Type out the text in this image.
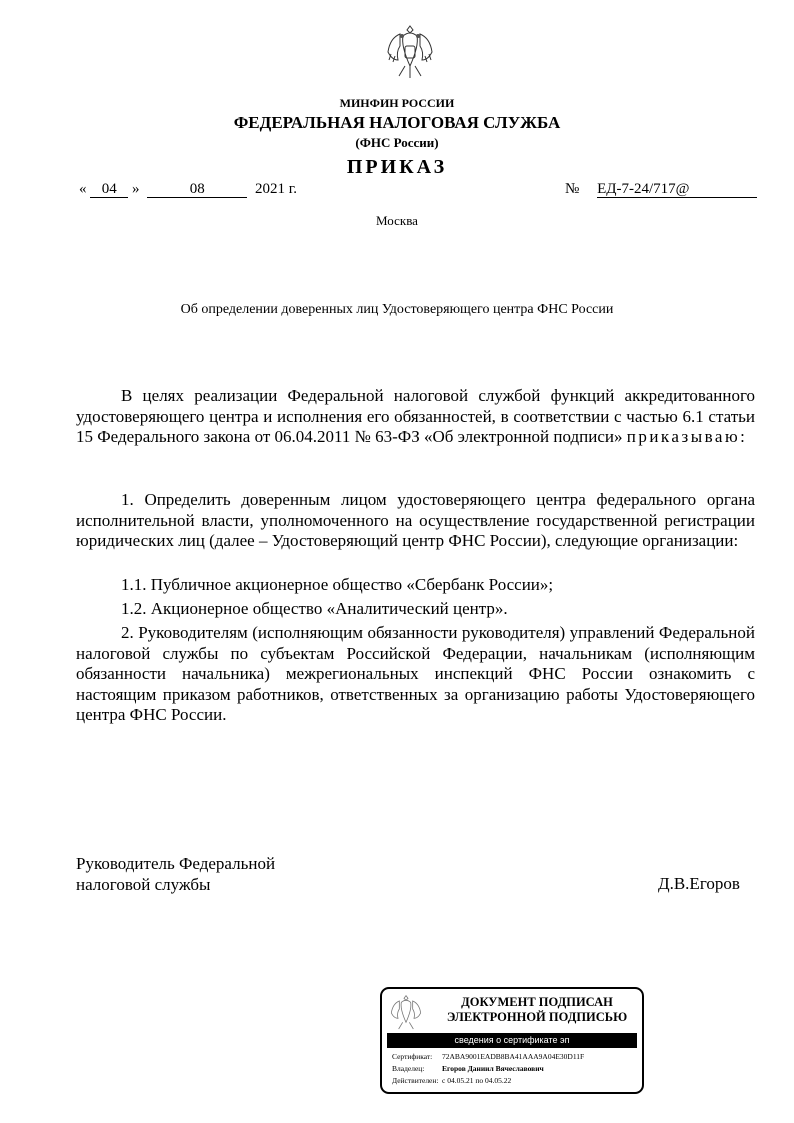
МИНФИН РОССИИ
ФЕДЕРАЛЬНАЯ НАЛОГОВАЯ СЛУЖБА
(ФНС России)
ПРИКАЗ
« 04 »	08	2021 г.	№ ЕД-7-24/717@
Москва
Об определении доверенных лиц Удостоверяющего центра ФНС России
В целях реализации Федеральной налоговой службой функций аккредитованного удостоверяющего центра и исполнения его обязанностей, в соответствии с частью 6.1 статьи 15 Федерального закона от 06.04.2011 № 63-ФЗ «Об электронной подписи» приказываю:
1. Определить доверенным лицом удостоверяющего центра федерального органа исполнительной власти, уполномоченного на осуществление государственной регистрации юридических лиц (далее – Удостоверяющий центр ФНС России), следующие организации:
1.1. Публичное акционерное общество «Сбербанк России»;
1.2. Акционерное общество «Аналитический центр».
2. Руководителям (исполняющим обязанности руководителя) управлений Федеральной налоговой службы по субъектам Российской Федерации, начальникам (исполняющим обязанности начальника) межрегиональных инспекций ФНС России ознакомить с настоящим приказом работников, ответственных за организацию работы Удостоверяющего центра ФНС России.
Руководитель Федеральной
налоговой службы	Д.В.Егоров
ДОКУМЕНТ ПОДПИСАН
ЭЛЕКТРОННОЙ ПОДПИСЬЮ
сведения о сертификате эп
Сертификат: 72ABA9001EADB8BA41AAA9A04E30D11F
Владелец: Егоров Даниил Вячеславович
Действителен: с 04.05.21 по 04.05.22
